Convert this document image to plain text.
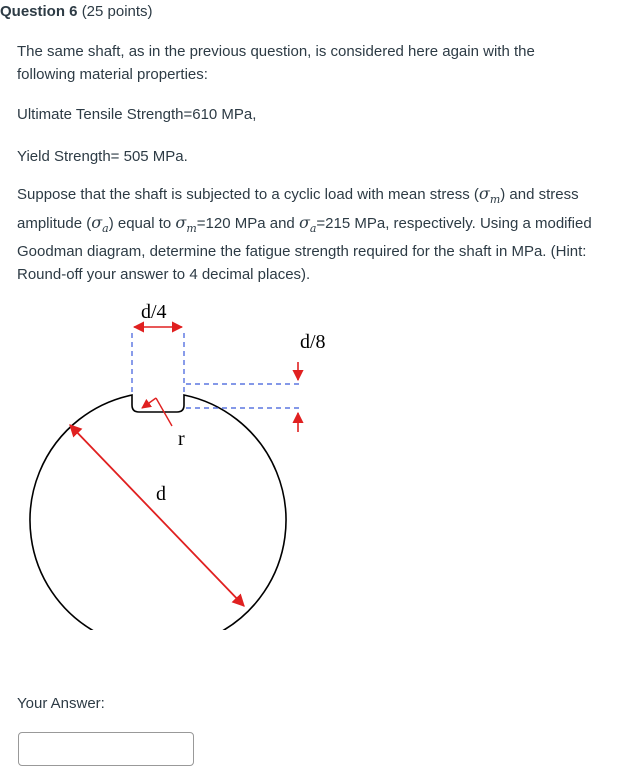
Question 6 (25 points)

The same shaft, as in the previous question, is considered here again with the following material properties:

Ultimate Tensile Strength=610 MPa,

Yield Strength= 505 MPa.

Suppose that the shaft is subjected to a cyclic load with mean stress $(\sigma_m)$ and stress amplitude $(\sigma_a)$ equal to $\sigma_m=120$ MPa and $\sigma_a=215$ MPa, respectively. Using a modified Goodman diagram, determine the fatigue strength required for the shaft in MPa. (Hint: Round-off your answer to 4 decimal places).

d/4
d/8
r
d
Your Answer:
